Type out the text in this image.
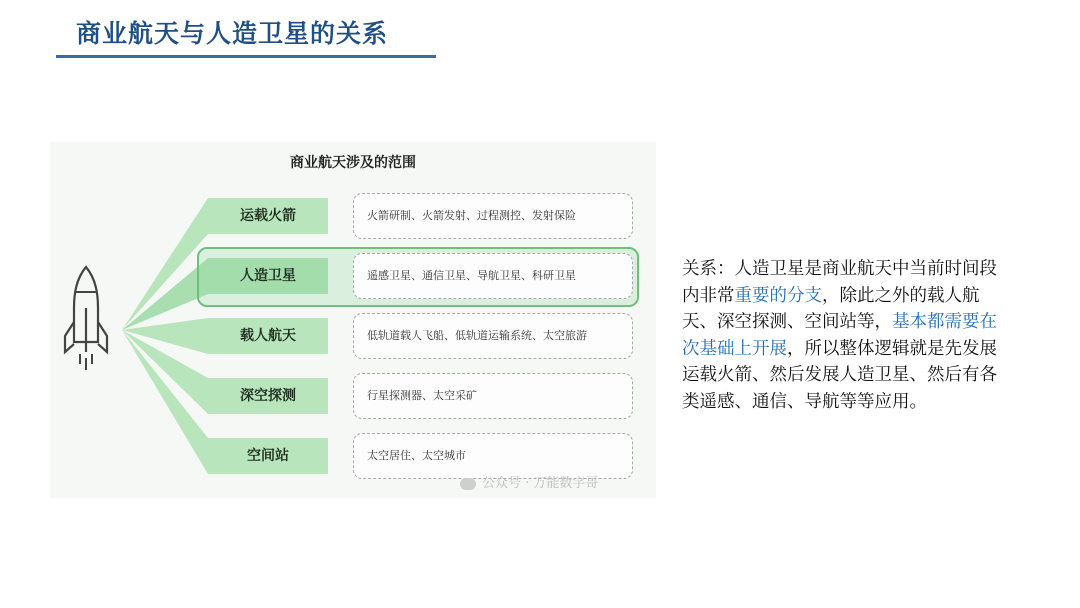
商业航天与人造卫星的关系
商业航天涉及的范围
运载火箭
人造卫星
载人航天
深空探测
空间站
火箭研制、火箭发射、过程测控、发射保险
遥感卫星、通信卫星、导航卫星、科研卫星
低轨道载人飞船、低轨道运输系统、太空旅游
行星探测器、太空采矿
太空居住、太空城市
公众号 · 万能数字哥
关系：人造卫星是商业航天中当前时间段内非常重要的分支，除此之外的载人航天、深空探测、空间站等，基本都需要在次基础上开展，所以整体逻辑就是先发展运载火箭、然后发展人造卫星、然后有各类遥感、通信、导航等等应用。
